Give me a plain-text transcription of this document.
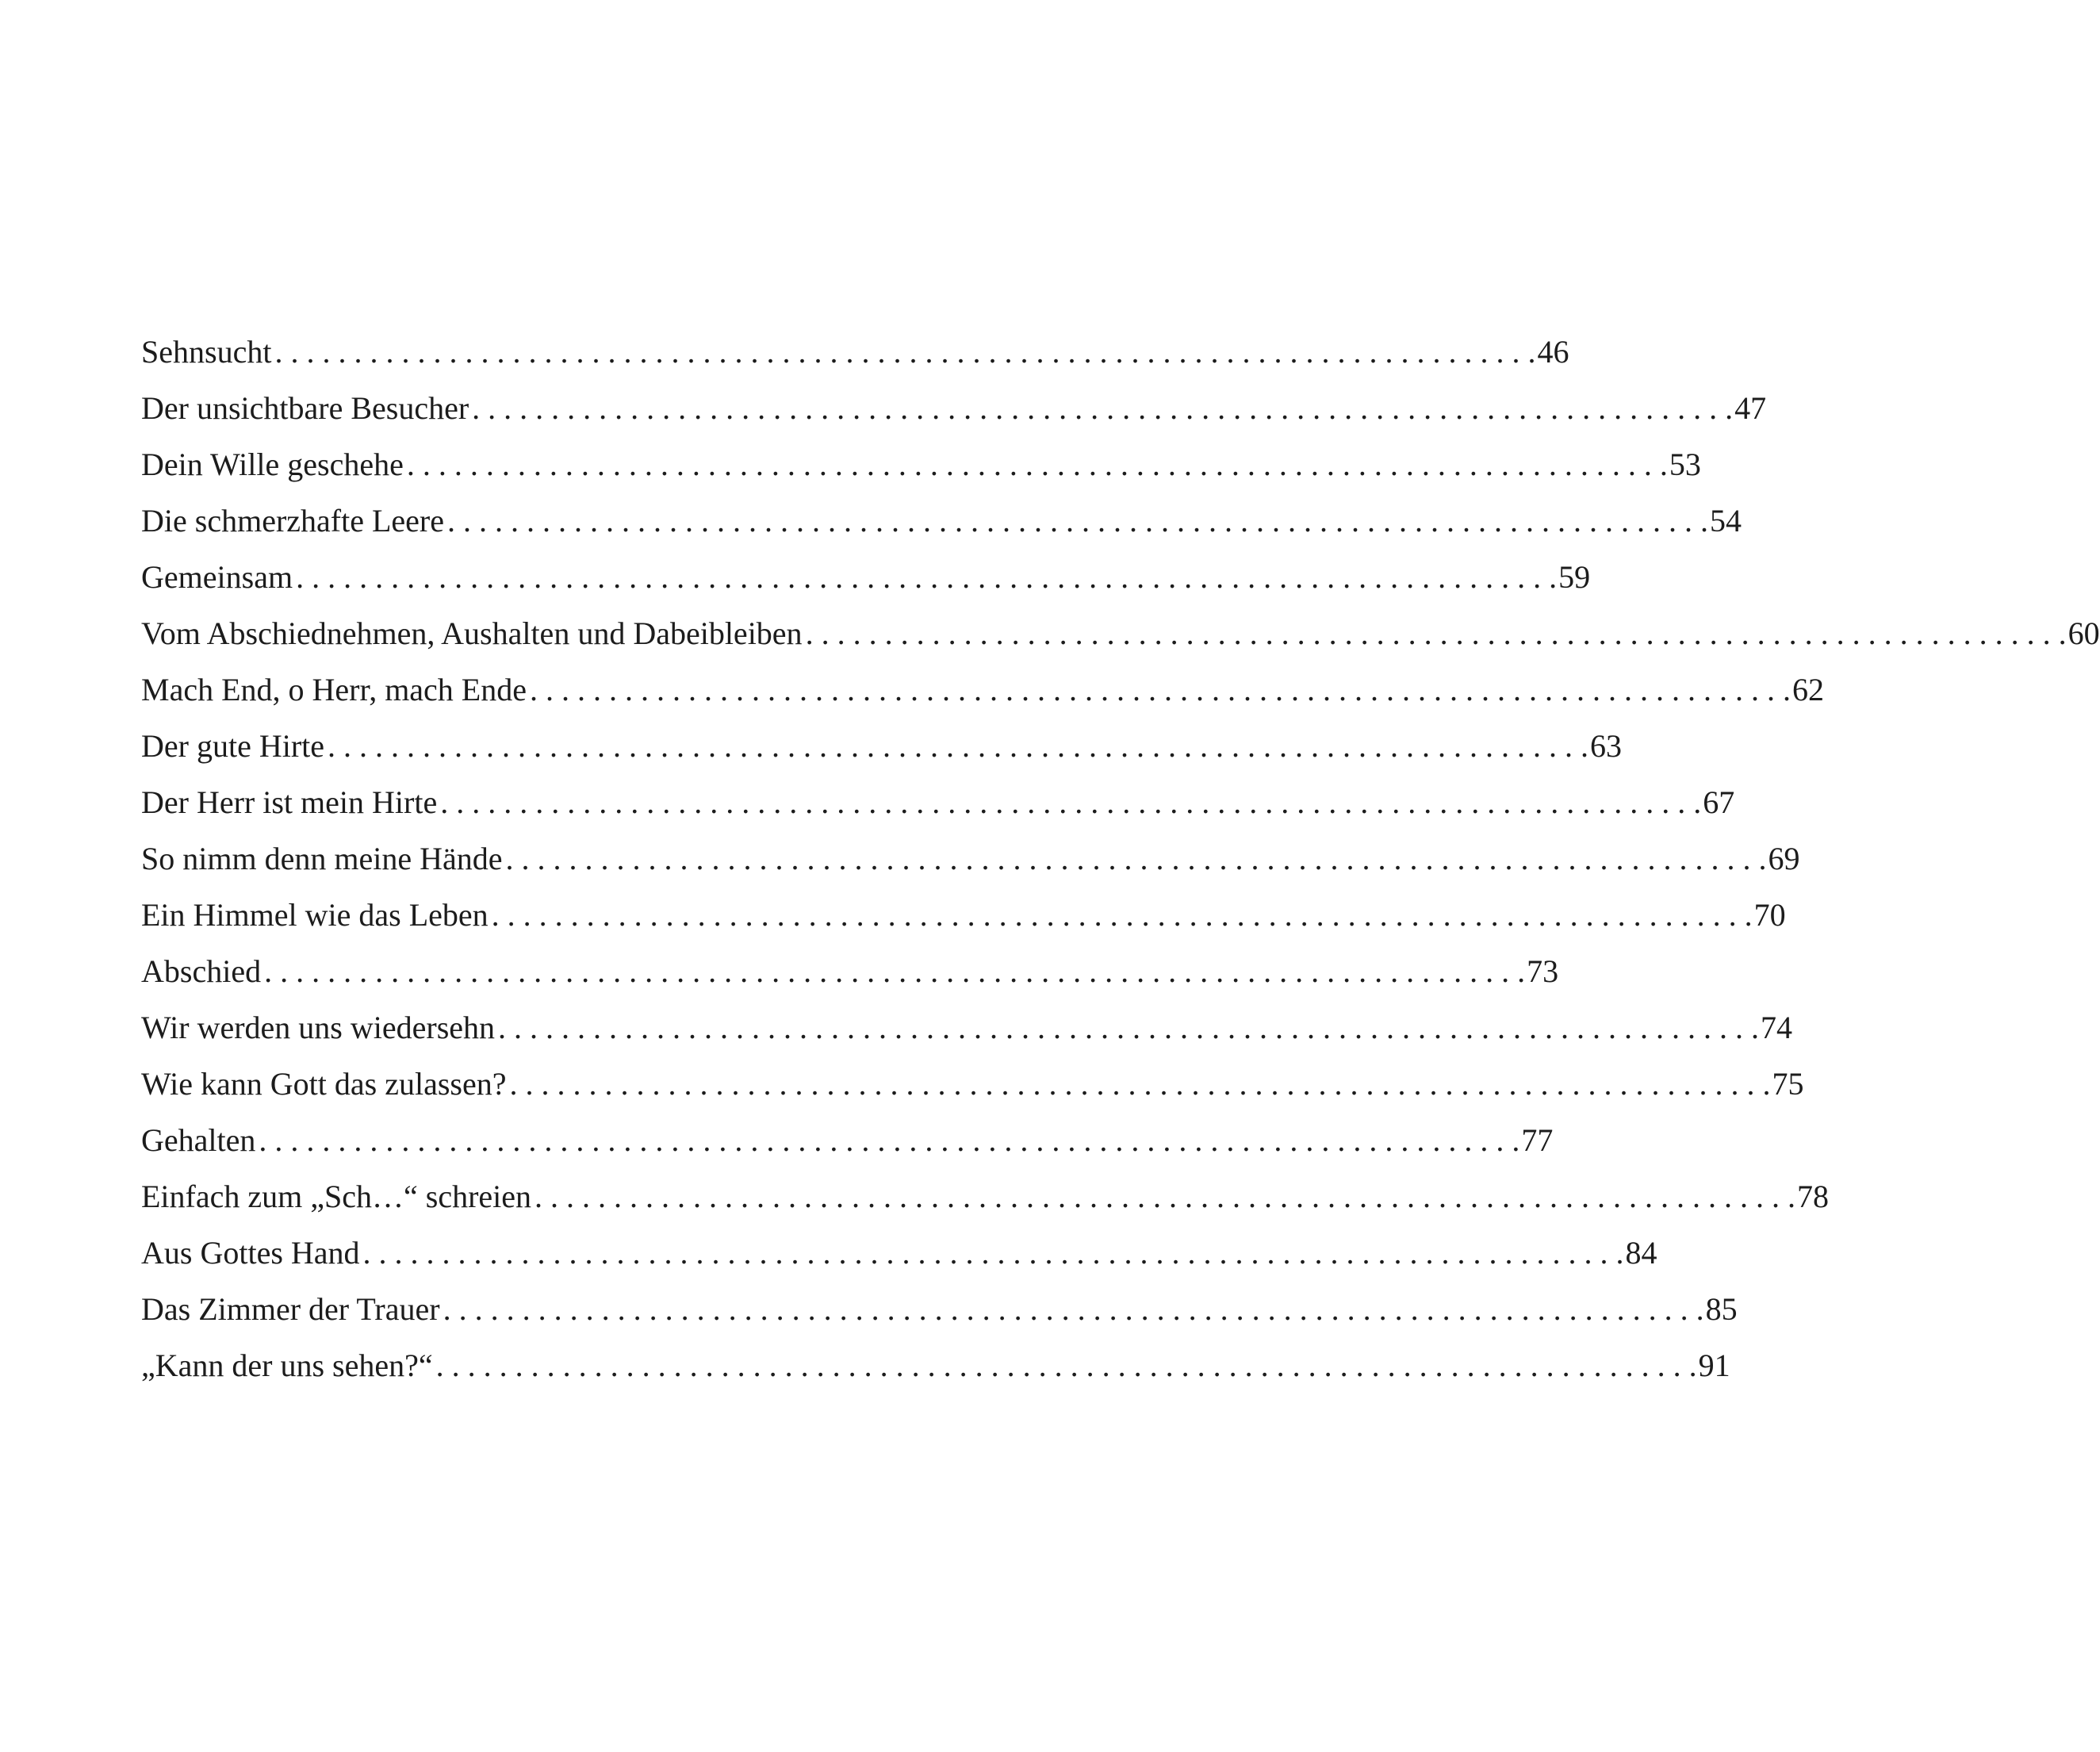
Sehnsucht . . . . . . . . . . . . . . . . . . . . . . . . . . . . . . . . . . . . . . . . . . . . . . . . . . . . . . . . . . . . . . . . . . . . . . . . . . . . . . . . 46
Der unsichtbare Besucher . . . . . . . . . . . . . . . . . . . . . . . . . . . . . . . . . . . . . . . . . . . . . . . . . . . . . . . . . . . . . . . . . . . . . . . . . . . . . . . . 47
Dein Wille geschehe . . . . . . . . . . . . . . . . . . . . . . . . . . . . . . . . . . . . . . . . . . . . . . . . . . . . . . . . . . . . . . . . . . . . . . . . . . . . . . . . 53
Die schmerzhafte Leere . . . . . . . . . . . . . . . . . . . . . . . . . . . . . . . . . . . . . . . . . . . . . . . . . . . . . . . . . . . . . . . . . . . . . . . . . . . . . . . . 54
Gemeinsam . . . . . . . . . . . . . . . . . . . . . . . . . . . . . . . . . . . . . . . . . . . . . . . . . . . . . . . . . . . . . . . . . . . . . . . . . . . . . . . . 59
Vom Abschiednehmen, Aushalten und Dabeibleiben . . . . . . . . . . . . . . . . . . . . . . . . . . . . . . . . . . . . . . . . . . . . . . . . . . . . . . . . . . . . . . . . . . . . . . . . . . . . . . . . 60
Mach End, o Herr, mach Ende . . . . . . . . . . . . . . . . . . . . . . . . . . . . . . . . . . . . . . . . . . . . . . . . . . . . . . . . . . . . . . . . . . . . . . . . . . . . . . . . 62
Der gute Hirte . . . . . . . . . . . . . . . . . . . . . . . . . . . . . . . . . . . . . . . . . . . . . . . . . . . . . . . . . . . . . . . . . . . . . . . . . . . . . . . . 63
Der Herr ist mein Hirte . . . . . . . . . . . . . . . . . . . . . . . . . . . . . . . . . . . . . . . . . . . . . . . . . . . . . . . . . . . . . . . . . . . . . . . . . . . . . . . . 67
So nimm denn meine Hände . . . . . . . . . . . . . . . . . . . . . . . . . . . . . . . . . . . . . . . . . . . . . . . . . . . . . . . . . . . . . . . . . . . . . . . . . . . . . . . . 69
Ein Himmel wie das Leben . . . . . . . . . . . . . . . . . . . . . . . . . . . . . . . . . . . . . . . . . . . . . . . . . . . . . . . . . . . . . . . . . . . . . . . . . . . . . . . . 70
Abschied . . . . . . . . . . . . . . . . . . . . . . . . . . . . . . . . . . . . . . . . . . . . . . . . . . . . . . . . . . . . . . . . . . . . . . . . . . . . . . . . 73
Wir werden uns wiedersehn . . . . . . . . . . . . . . . . . . . . . . . . . . . . . . . . . . . . . . . . . . . . . . . . . . . . . . . . . . . . . . . . . . . . . . . . . . . . . . . . 74
Wie kann Gott das zulassen? . . . . . . . . . . . . . . . . . . . . . . . . . . . . . . . . . . . . . . . . . . . . . . . . . . . . . . . . . . . . . . . . . . . . . . . . . . . . . . . . 75
Gehalten . . . . . . . . . . . . . . . . . . . . . . . . . . . . . . . . . . . . . . . . . . . . . . . . . . . . . . . . . . . . . . . . . . . . . . . . . . . . . . . . 77
Einfach zum „Sch…“ schreien . . . . . . . . . . . . . . . . . . . . . . . . . . . . . . . . . . . . . . . . . . . . . . . . . . . . . . . . . . . . . . . . . . . . . . . . . . . . . . . . 78
Aus Gottes Hand . . . . . . . . . . . . . . . . . . . . . . . . . . . . . . . . . . . . . . . . . . . . . . . . . . . . . . . . . . . . . . . . . . . . . . . . . . . . . . . . 84
Das Zimmer der Trauer . . . . . . . . . . . . . . . . . . . . . . . . . . . . . . . . . . . . . . . . . . . . . . . . . . . . . . . . . . . . . . . . . . . . . . . . . . . . . . . . 85
„Kann der uns sehen?“ . . . . . . . . . . . . . . . . . . . . . . . . . . . . . . . . . . . . . . . . . . . . . . . . . . . . . . . . . . . . . . . . . . . . . . . . . . . . . . . . 91
